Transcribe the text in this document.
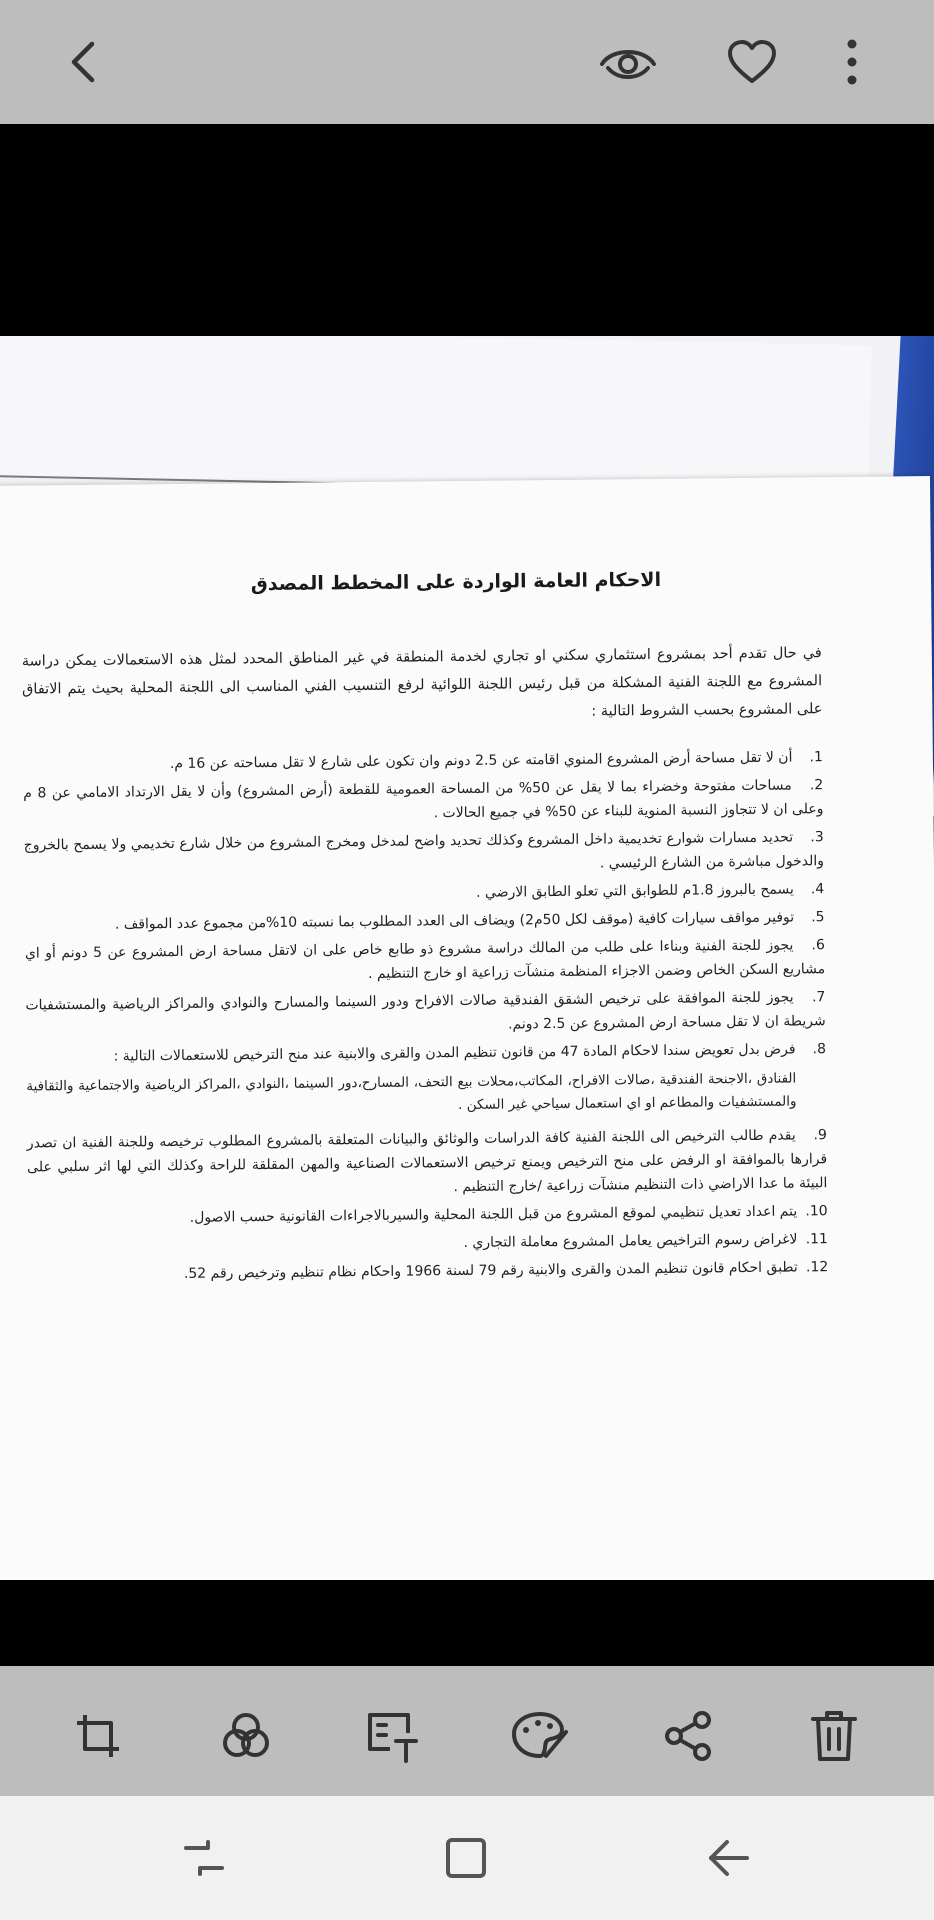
الاحكام العامة الواردة على المخطط المصدق
في حال تقدم أحد بمشروع استثماري سكني او تجاري لخدمة المنطقة في غير المناطق المحدد لمثل هذه الاستعمالات يمكن دراسة المشروع مع اللجنة الفنية المشكلة من قبل رئيس اللجنة اللوائية لرفع التنسيب الفني المناسب الى اللجنة المحلية بحيث يتم الاتفاق على المشروع بحسب الشروط التالية :
1. أن لا تقل مساحة أرض المشروع المنوي اقامته عن 2.5 دونم وان تكون على شارع لا تقل مساحته عن 16 م.
2. مساحات مفتوحة وخضراء بما لا يقل عن 50% من المساحة العمومية للقطعة (أرض المشروع) وأن لا يقل الارتداد الامامي عن 8 م وعلى ان لا تتجاوز النسبة المنوية للبناء عن 50% في جميع الحالات .
3. تحديد مسارات شوارع تخديمية داخل المشروع وكذلك تحديد واضح لمدخل ومخرج المشروع من خلال شارع تخديمي ولا يسمح بالخروج والدخول مباشرة من الشارع الرئيسي .
4. يسمح بالبروز 1.8م للطوابق التي تعلو الطابق الارضي .
5. توفير مواقف سيارات كافية (موقف لكل 50م2) ويضاف الى العدد المطلوب بما نسبته 10%من مجموع عدد المواقف .
6. يجوز للجنة الفنية وبناءا على طلب من المالك دراسة مشروع ذو طابع خاص على ان لاتقل مساحة ارض المشروع عن 5 دونم أو اي مشاريع السكن الخاص وضمن الاجزاء المنظمة منشآت زراعية او خارج التنظيم .
7. يجوز للجنة الموافقة على ترخيص الشقق الفندقية صالات الافراح ودور السينما والمسارح والنوادي والمراكز الرياضية والمستشفيات شريطة ان لا تقل مساحة ارض المشروع عن 2.5 دونم.
8. فرض بدل تعويض سندا لاحكام المادة 47 من قانون تنظيم المدن والقرى والابنية عند منح الترخيص للاستعمالات التالية :
الفنادق ،الاجنحة الفندقية ،صالات الافراح، المكاتب،محلات بيع التحف، المسارح،دور السينما ،النوادي ،المراكز الرياضية والاجتماعية والثقافية والمستشفيات والمطاعم او اي استعمال سياحي غير السكن .
9. يقدم طالب الترخيص الى اللجنة الفنية كافة الدراسات والوثائق والبيانات المتعلقة بالمشروع المطلوب ترخيصه وللجنة الفنية ان تصدر قرارها بالموافقة او الرفض على منح الترخيص ويمنع ترخيص الاستعمالات الصناعية والمهن المقلقة للراحة وكذلك التي لها اثر سلبي على البيئة ما عدا الاراضي ذات التنظيم منشآت زراعية /خارج التنظيم .
10. يتم اعداد تعديل تنظيمي لموقع المشروع من قبل اللجنة المحلية والسيربالاجراءات القانونية حسب الاصول.
11. لاغراض رسوم التراخيص يعامل المشروع معاملة التجاري .
12. تطبق احكام قانون تنظيم المدن والقرى والابنية رقم 79 لسنة 1966 واحكام نظام تنظيم وترخيص رقم 52.
